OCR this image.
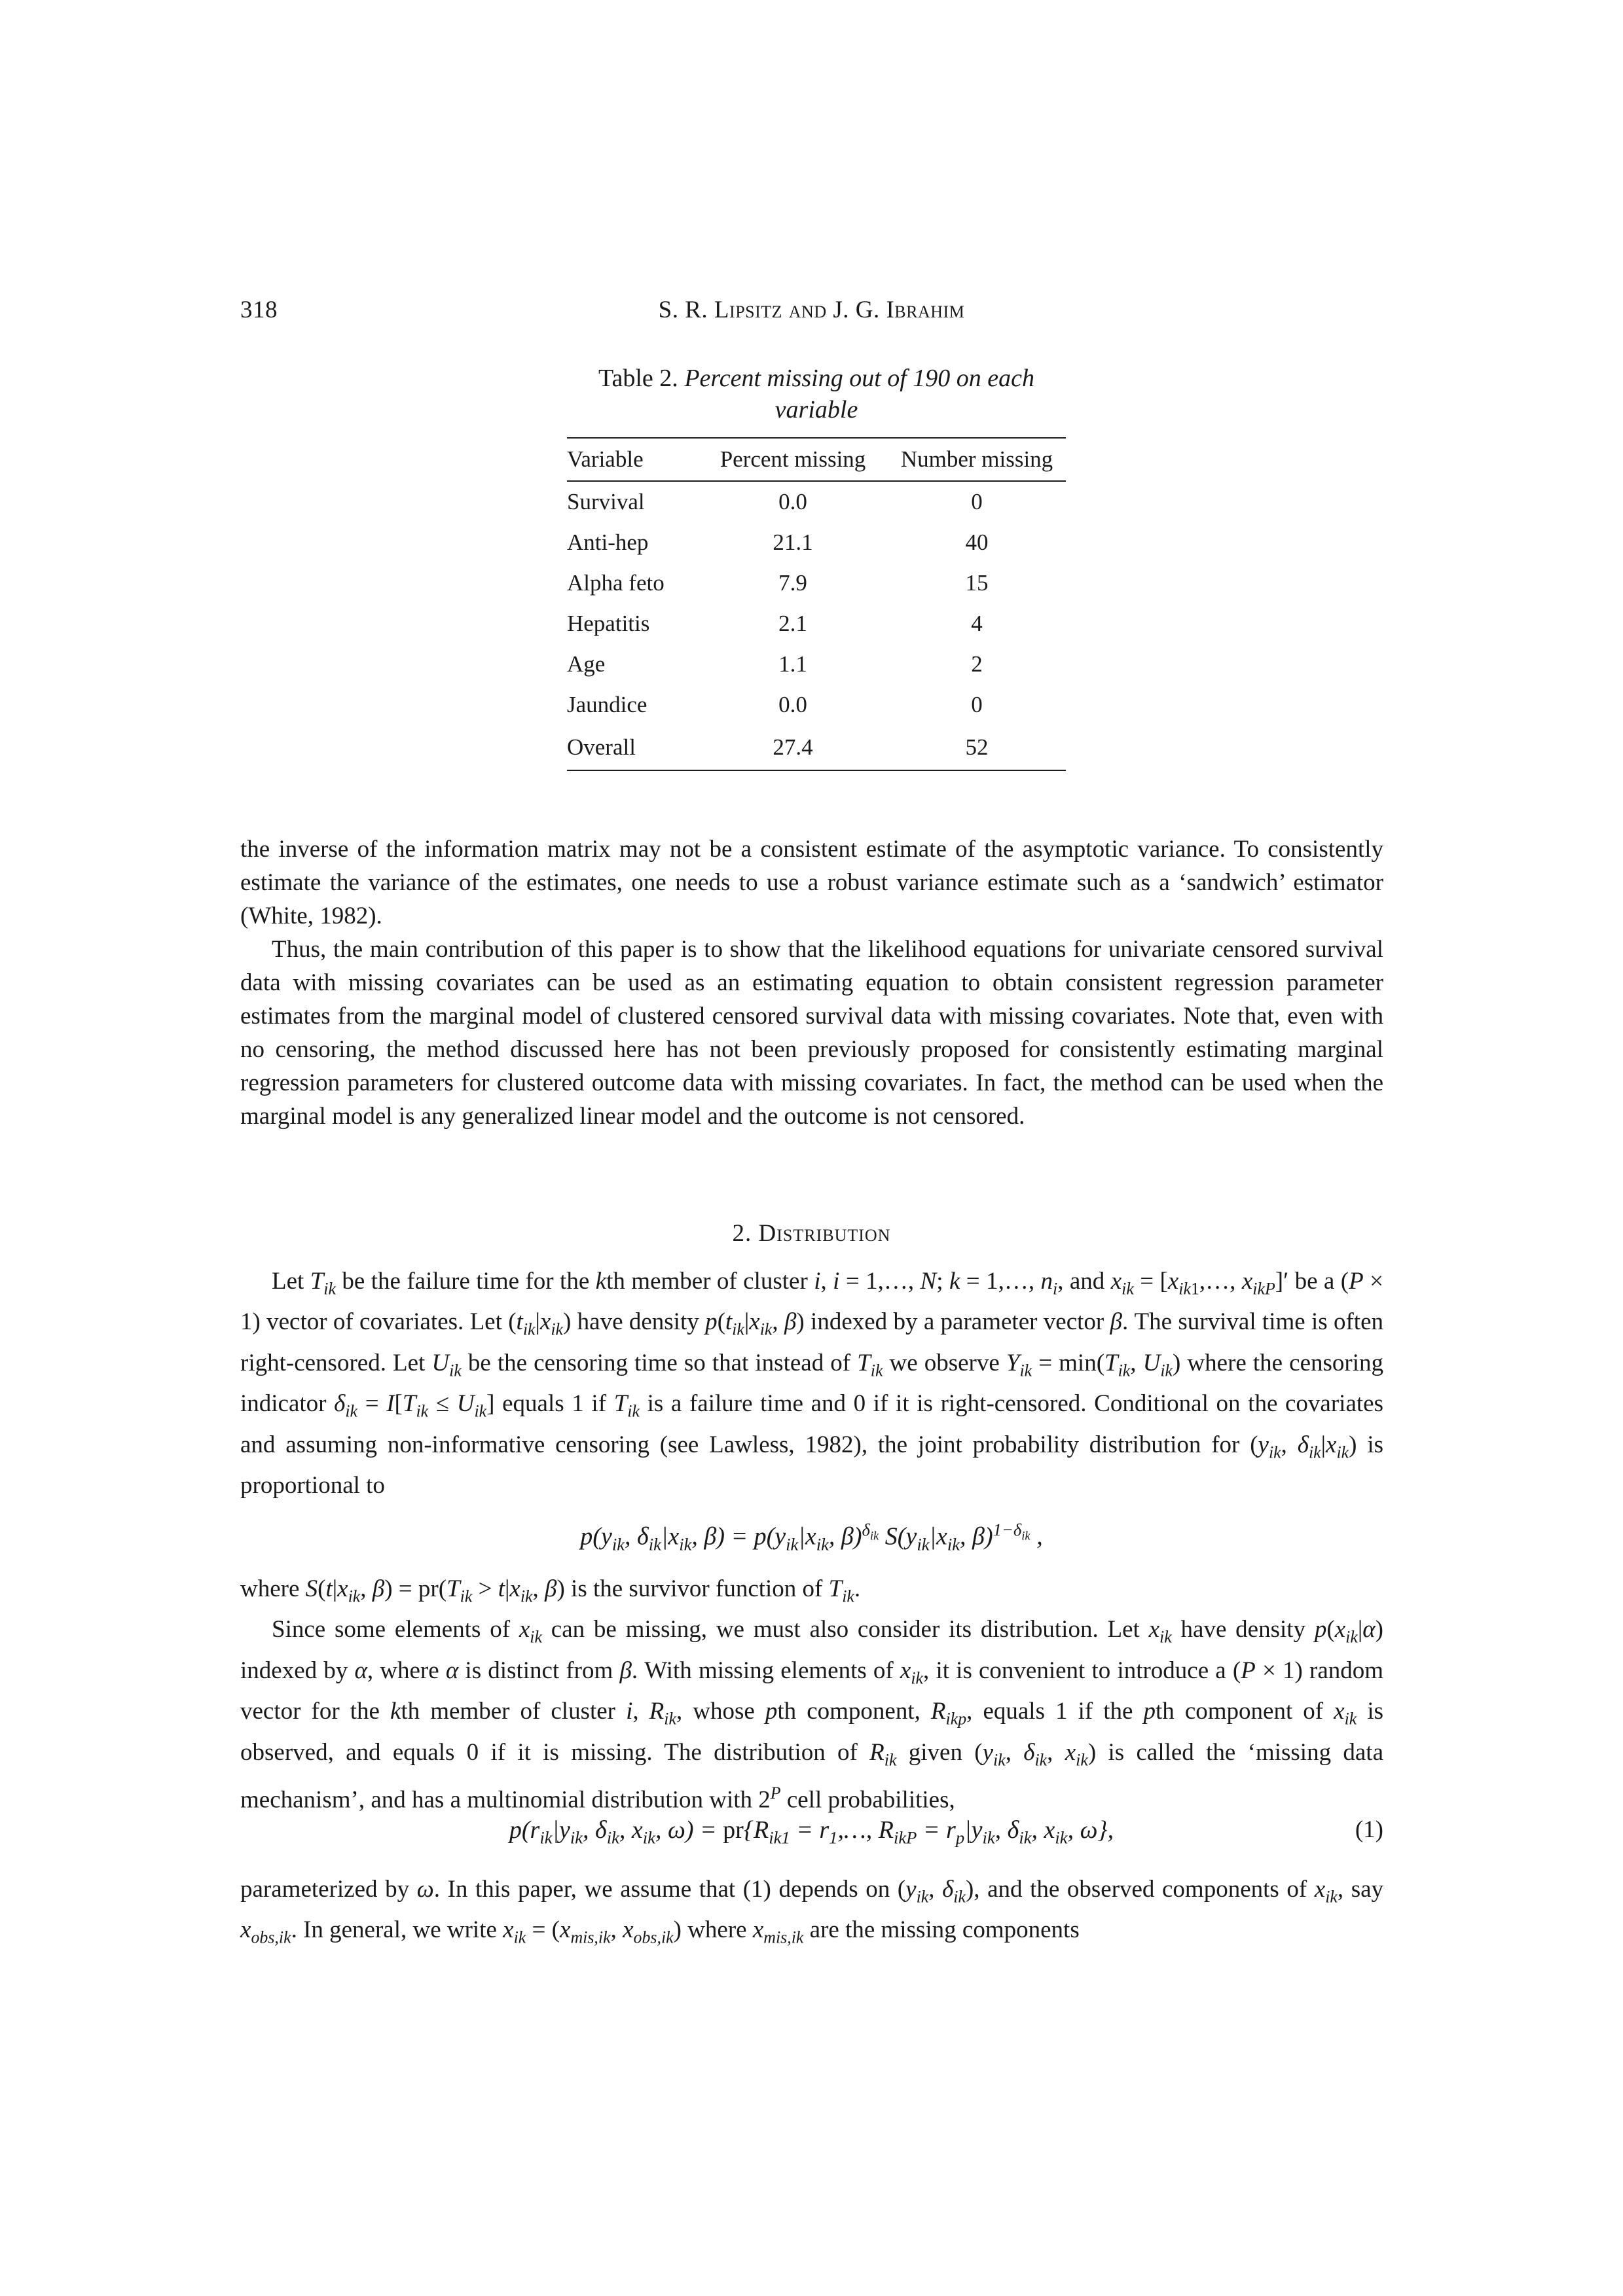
318	S. R. Lipsitz and J. G. Ibrahim
Table 2. Percent missing out of 190 on each variable
Variable	Percent missing	Number missing
Survival	0.0	0
Anti-hep	21.1	40
Alpha feto	7.9	15
Hepatitis	2.1	4
Age	1.1	2
Jaundice	0.0	0
Overall	27.4	52

the inverse of the information matrix may not be a consistent estimate of the asymptotic variance. To consistently estimate the variance of the estimates, one needs to use a robust variance estimate such as a ‘sandwich’ estimator (White, 1982).

Thus, the main contribution of this paper is to show that the likelihood equations for univariate censored survival data with missing covariates can be used as an estimating equation to obtain consistent regression parameter estimates from the marginal model of clustered censored survival data with missing covariates. Note that, even with no censoring, the method discussed here has not been previously proposed for consistently estimating marginal regression parameters for clustered outcome data with missing covariates. In fact, the method can be used when the marginal model is any generalized linear model and the outcome is not censored.

2. Distribution

Let $T_{ik}$ be the failure time for the kth member of cluster i, i = 1,…, N; k = 1,…, $n_i$, and $x_{ik}$ = [$x_{ik1},\dots$, $x_{ikP}]'$ be a (P × 1) vector of covariates. Let $(t_{ik}|x_{ik})$ have density $p(t_{ik}|x_{ik}$, β) indexed by a parameter vector β. The survival time is often right-censored. Let $U_{ik}$ be the censoring time so that instead of $T_{ik}$ we observe $Y_{ik} = \min(T_{ik}$, $U_{ik}$) where the censoring indicator $\delta_{ik} = I[T_{ik} \le U_{ik}]$ equals 1 if $T_{ik}$ is a failure time and 0 if it is right-censored. Conditional on the covariates and assuming non-informative censoring (see Lawless, 1982), the joint probability distribution for ($y_{ik}$, $\delta_{ik}|x_{ik}$) is proportional to

$p(y_{ik}$, $\delta_{ik}|x_{ik}$, $\beta) = p(y_{ik}|x_{ik}$, β)$^{\delta_{ik}}$ $S(y_{ik}|x_{ik}$, β)$^{1-\delta_{ik}}$ ,

where $S(t|x_{ik}$, $\beta) = pr(T_{ik} > t|x_{ik}$, β) is the survivor function of $T_{ik}$.

Since some elements of $x_{ik}$ can be missing, we must also consider its distribution. Let $x_{ik}$ have density $p(x_{ik}|\alpha)$ indexed by α, where α is distinct from β. With missing elements of $x_{ik}$, it is convenient to introduce a (P × 1) random vector for the kth member of cluster i, $R_{ik}$, whose pth component, $R_{ikp}$, equals 1 if the pth component of $x_{ik}$ is observed, and equals 0 if it is missing. The distribution of $R_{ik}$ given ($y_{ik}$, $\delta_{ik}$, $x_{ik}$) is called the ‘missing data mechanism’, and has a multinomial distribution with $2^P$ cell probabilities,

$p(r_{ik}|y_{ik}$, $\delta_{ik}$, $x_{ik}$, $\omega) = pr\{R_{ik1}$ = $r_1,\dots$, $R_{ikP} = r_p|y_{ik}$, $\delta_{ik}$, $x_{ik}$, ω},	(1)

parameterized by ω. In this paper, we assume that (1) depends on ($y_{ik}$, $\delta_{ik}$), and the observed components of $x_{ik}$, say $x_{obs,ik}$. In general, we write $x_{ik} = (x_{mis,ik}$, $x_{obs,ik}$) where $x_{mis,ik}$ are the missing components
